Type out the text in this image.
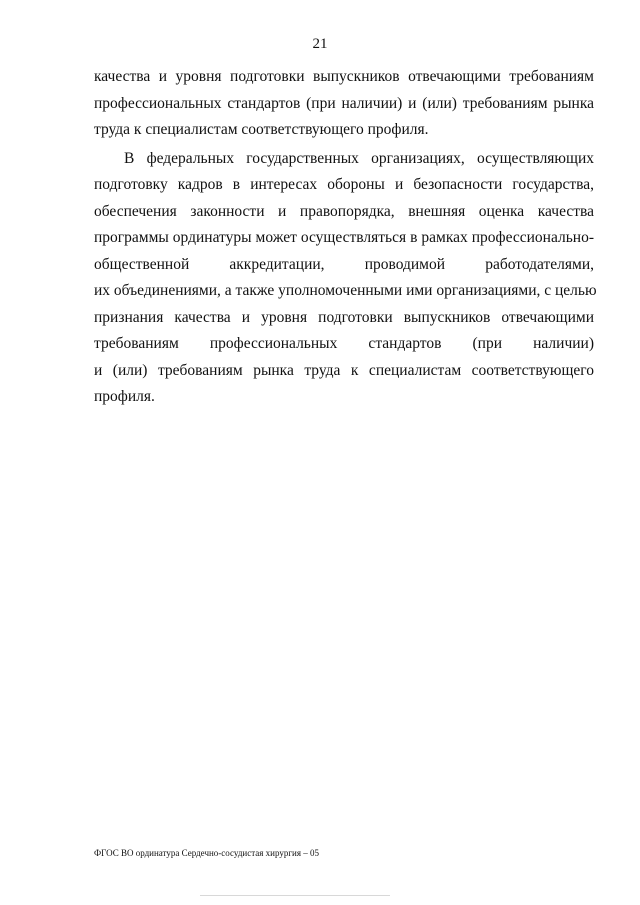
21
качества и уровня подготовки выпускников отвечающими требованиям
профессиональных стандартов (при наличии) и (или) требованиям рынка
труда к специалистам соответствующего профиля.
В федеральных государственных организациях, осуществляющих
подготовку кадров в интересах обороны и безопасности государства,
обеспечения законности и правопорядка, внешняя оценка качества
программы ординатуры может осуществляться в рамках профессионально-
общественной аккредитации, проводимой работодателями,
их объединениями, а также уполномоченными ими организациями, с целью
признания качества и уровня подготовки выпускников отвечающими
требованиям профессиональных стандартов (при наличии)
и (или) требованиям рынка труда к специалистам соответствующего
профиля.
ФГОС ВО ординатура Сердечно-сосудистая хирургия – 05
